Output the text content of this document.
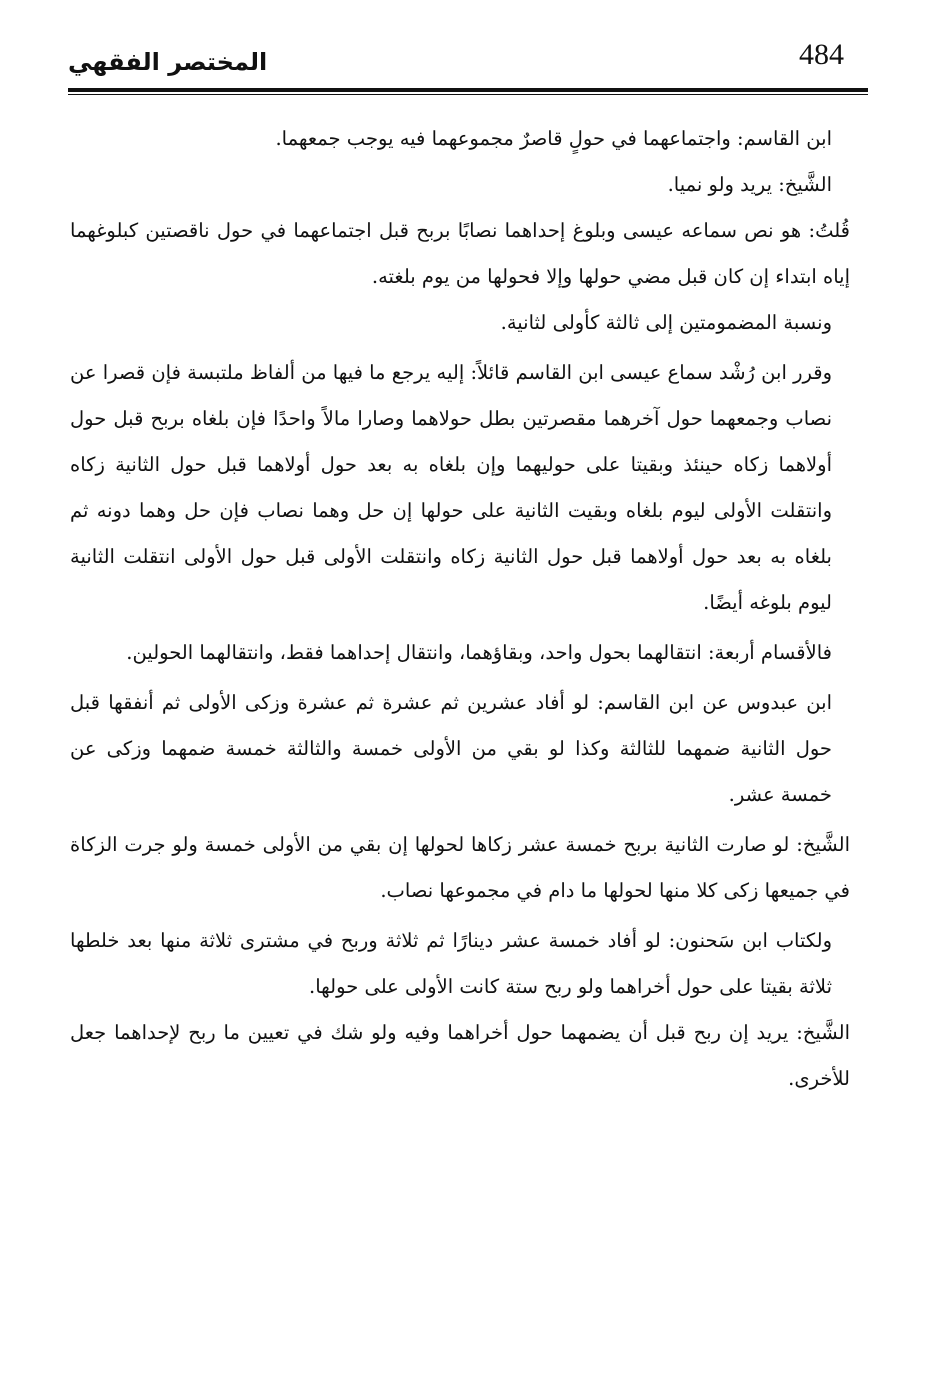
484
المختصر الفقهي

ابن القاسم: واجتماعهما في حولٍ قاصرٌ مجموعهما فيه يوجب جمعهما.

الشَّيخ: يريد ولو نميا.

قُلتُ: هو نص سماعه عيسى وبلوغ إحداهما نصابًا بربح قبل اجتماعهما في حول ناقصتين كبلوغهما إياه ابتداء إن كان قبل مضي حولها وإلا فحولها من يوم بلغته.

ونسبة المضمومتين إلى ثالثة كأولى لثانية.

وقرر ابن رُشْد سماع عيسى ابن القاسم قائلاً: إليه يرجع ما فيها من ألفاظ ملتبسة فإن قصرا عن نصاب وجمعهما حول آخرهما مقصرتين بطل حولاهما وصارا مالاً واحدًا فإن بلغاه بربح قبل حول أولاهما زكاه حينئذ وبقيتا على حوليهما وإن بلغاه به بعد حول أولاهما قبل حول الثانية زكاه وانتقلت الأولى ليوم بلغاه وبقيت الثانية على حولها إن حل وهما نصاب فإن حل وهما دونه ثم بلغاه به بعد حول أولاهما قبل حول الثانية زكاه وانتقلت الأولى قبل حول الأولى انتقلت الثانية ليوم بلوغه أيضًا.

فالأقسام أربعة: انتقالهما بحول واحد، وبقاؤهما، وانتقال إحداهما فقط، وانتقالهما الحولين.

ابن عبدوس عن ابن القاسم: لو أفاد عشرين ثم عشرة ثم عشرة وزكى الأولى ثم أنفقها قبل حول الثانية ضمهما للثالثة وكذا لو بقي من الأولى خمسة والثالثة خمسة ضمهما وزكى عن خمسة عشر.

الشَّيخ: لو صارت الثانية بربح خمسة عشر زكاها لحولها إن بقي من الأولى خمسة ولو جرت الزكاة في جميعها زكى كلا منها لحولها ما دام في مجموعها نصاب.

ولكتاب ابن سَحنون: لو أفاد خمسة عشر دينارًا ثم ثلاثة وربح في مشترى ثلاثة منها بعد خلطها ثلاثة بقيتا على حول أخراهما ولو ربح ستة كانت الأولى على حولها.

الشَّيخ: يريد إن ربح قبل أن يضمهما حول أخراهما وفيه ولو شك في تعيين ما ربح لإحداهما جعل للأخرى.
